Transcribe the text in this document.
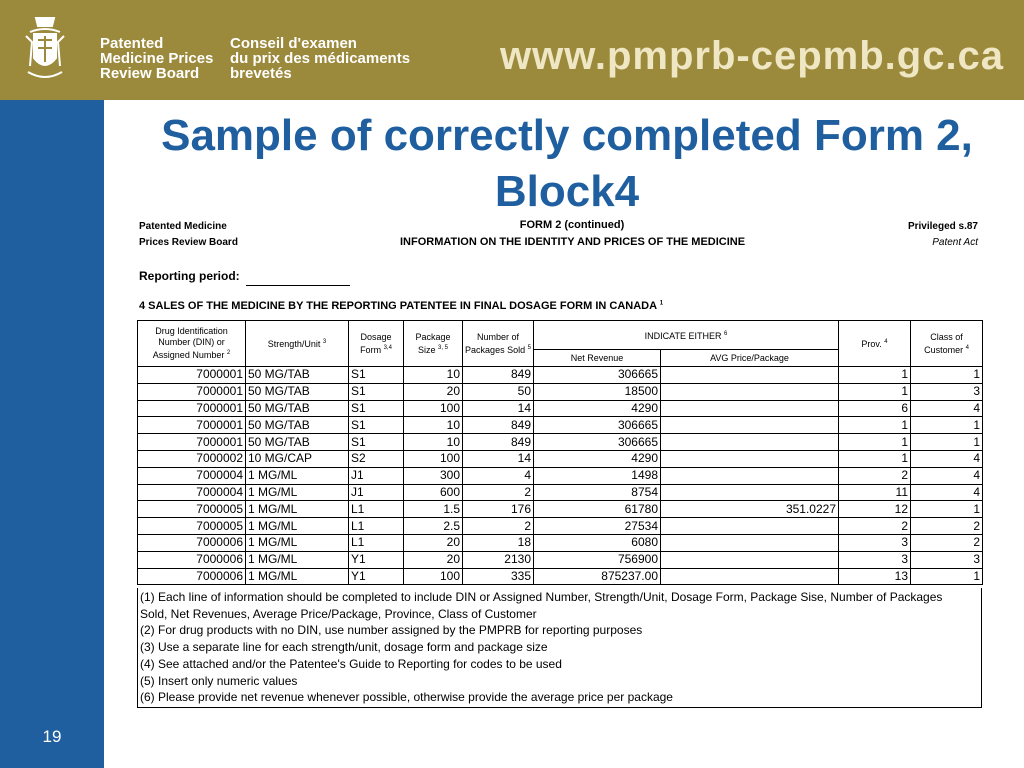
Patented
Medicine Prices
Review Board
Conseil d'examen
du prix des médicaments
brevetés	www.pmprb-cepmb.gc.ca
19
Sample of correctly completed Form 2,
Block4
Patented Medicine
Prices Review Board
FORM 2 (continued)
INFORMATION ON THE IDENTITY AND PRICES OF THE MEDICINE
Privileged s.87
Patent Act
Reporting period:
4 SALES OF THE MEDICINE BY THE REPORTING PATENTEE IN FINAL DOSAGE FORM IN CANADA $^1$
Drug Identification
Number (DIN) or
Assigned Number $^2$	Strength/Unit $^3$	Dosage
Form $^{3,4}$	Package
Size $^{3, 5}$	Number of
Packages Sold $^5$	INDICATE EITHER $^6$		Prov. $^4$	Class of
Customer $^4$
					Net Revenue	AVG Price/Package		
7000001	50 MG/TAB	S1	10	849	306665		1	1
7000001	50 MG/TAB	S1	20	50	18500		1	3
7000001	50 MG/TAB	S1	100	14	4290		6	4
7000001	50 MG/TAB	S1	10	849	306665		1	1
7000001	50 MG/TAB	S1	10	849	306665		1	1
7000002	10 MG/CAP	S2	100	14	4290		1	4
7000004	1 MG/ML	J1	300	4	1498		2	4
7000004	1 MG/ML	J1	600	2	8754		11	4
7000005	1 MG/ML	L1	1.5	176	61780	351.0227	12	1
7000005	1 MG/ML	L1	2.5	2	27534		2	2
7000006	1 MG/ML	L1	20	18	6080		3	2
7000006	1 MG/ML	Y1	20	2130	756900		3	3
7000006	1 MG/ML	Y1	100	335	875237.00		13	1
(1) Each line of information should be completed to include DIN or Assigned Number, Strength/Unit, Dosage Form, Package Sise, Number of Packages
Sold, Net Revenues, Average Price/Package, Province, Class of Customer
(2) For drug products with no DIN, use number assigned by the PMPRB for reporting purposes
(3) Use a separate line for each strength/unit, dosage form and package size
(4) See attached and/or the Patentee's Guide to Reporting for codes to be used
(5) Insert only numeric values
(6) Please provide net revenue whenever possible, otherwise provide the average price per package
